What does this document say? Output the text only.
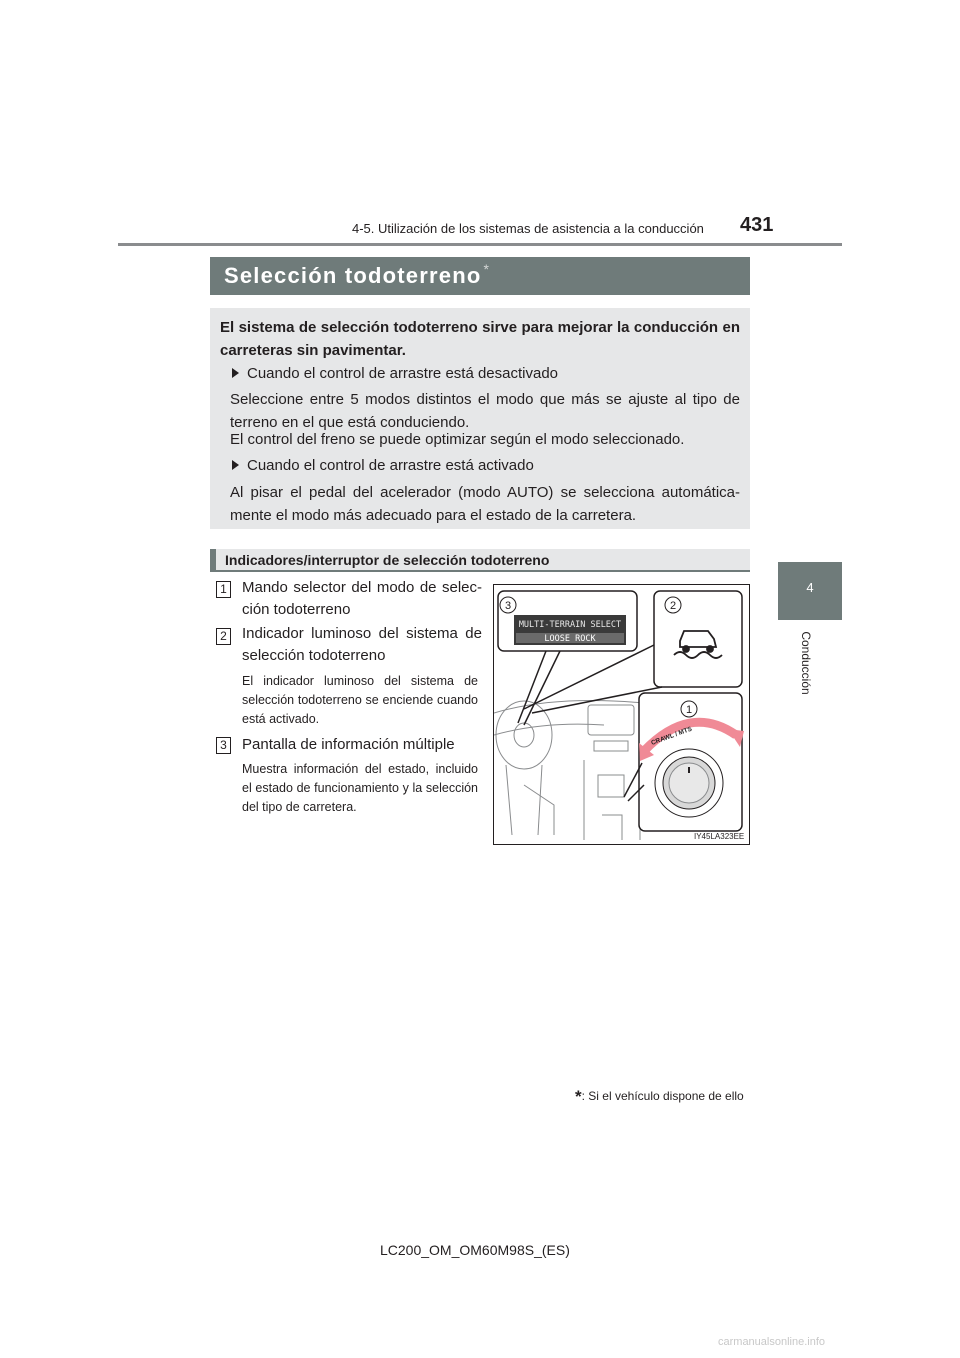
4-5. Utilización de los sistemas de asistencia a la conducción 431
4
Conducción
Selección todoterreno *

El sistema de selección todoterreno sirve para mejorar la conducción en carreteras sin pavimentar.

Cuando el control de arrastre está desactivado

Seleccione entre 5 modos distintos el modo que más se ajuste al tipo de terreno en el que está conduciendo.

El control del freno se puede optimizar según el modo seleccionado.

Cuando el control de arrastre está activado

Al pisar el pedal del acelerador (modo AUTO) se selecciona automática-mente el modo más adecuado para el estado de la carretera.

Indicadores/interruptor de selección todoterreno
1 Mando selector del modo de selec-ción todoterreno
2 Indicador luminoso del sistema de selección todoterreno
El indicador luminoso del sistema de selección todoterreno se enciende cuando está activado.
3 Pantalla de información múltiple
Muestra información del estado, incluido el estado de funcionamiento y la selección del tipo de carretera.
MULTI-TERRAIN SELECT
LOOSE ROCK
3	2
1
CRAWL / MTS
IY45LA323EE
*: Si el vehículo dispone de ello
LC200_OM_OM60M98S_(ES)
carmanualsonline.info
